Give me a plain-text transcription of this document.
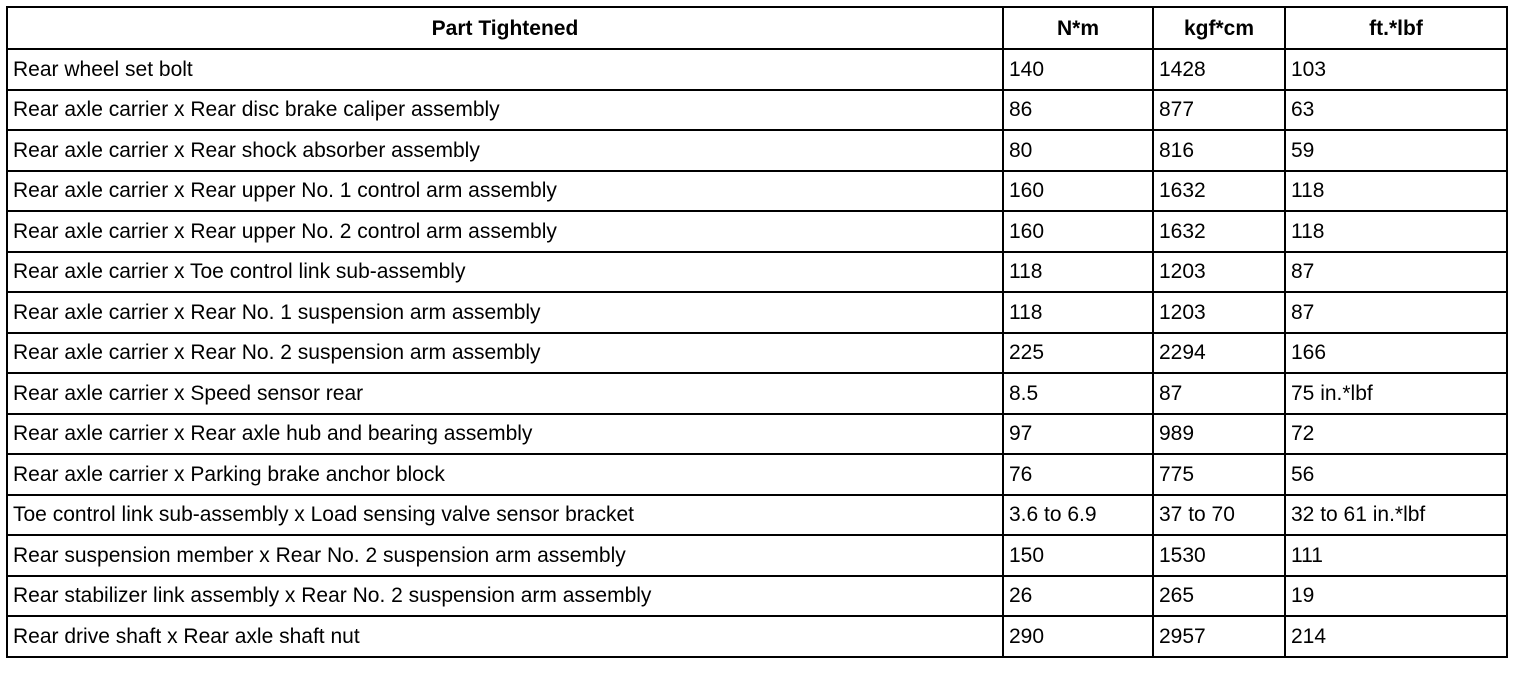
Part Tightened	N*m	kgf*cm	ft.*lbf
Rear wheel set bolt	140	1428	103
Rear axle carrier x Rear disc brake caliper assembly	86	877	63
Rear axle carrier x Rear shock absorber assembly	80	816	59
Rear axle carrier x Rear upper No. 1 control arm assembly	160	1632	118
Rear axle carrier x Rear upper No. 2 control arm assembly	160	1632	118
Rear axle carrier x Toe control link sub-assembly	118	1203	87
Rear axle carrier x Rear No. 1 suspension arm assembly	118	1203	87
Rear axle carrier x Rear No. 2 suspension arm assembly	225	2294	166
Rear axle carrier x Speed sensor rear	8.5	87	75 in.*lbf
Rear axle carrier x Rear axle hub and bearing assembly	97	989	72
Rear axle carrier x Parking brake anchor block	76	775	56
Toe control link sub-assembly x Load sensing valve sensor bracket	3.6 to 6.9	37 to 70	32 to 61 in.*lbf
Rear suspension member x Rear No. 2 suspension arm assembly	150	1530	111
Rear stabilizer link assembly x Rear No. 2 suspension arm assembly	26	265	19
Rear drive shaft x Rear axle shaft nut	290	2957	214
